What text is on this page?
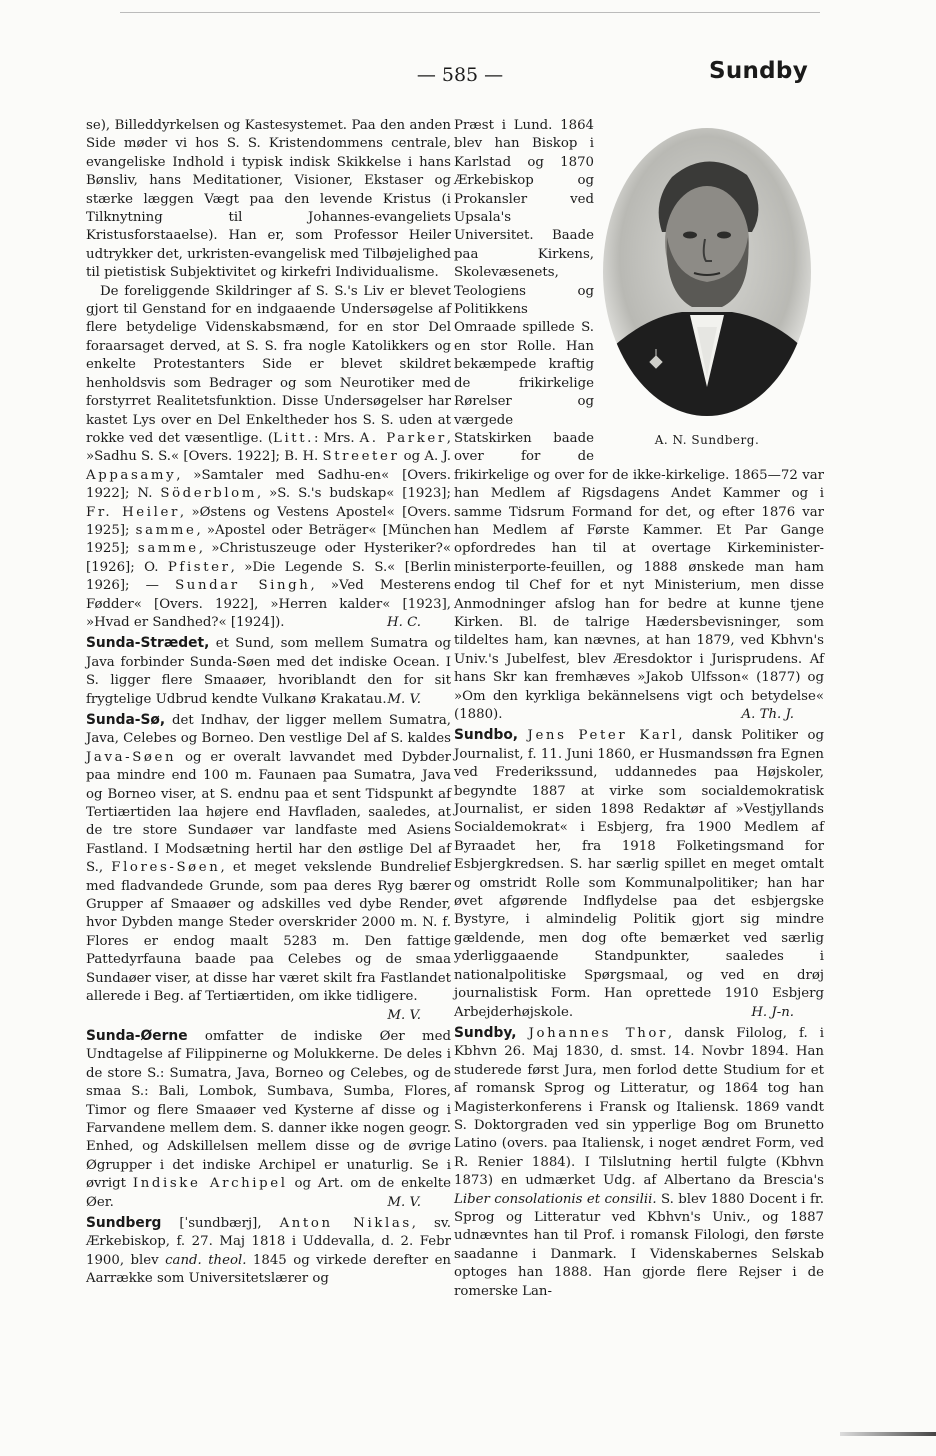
— 585 —	Sundby

se), Billeddyrkelsen og Kastesystemet. Paa den anden Side møder vi hos S. S. Kristendommens centrale, evangeliske Indhold i typisk indisk Skikkelse i hans Bønsliv, hans Meditationer, Visioner, Ekstaser og stærke læggen Vægt paa den levende Kristus (i Tilknytning til Johannes-evangeliets Kristusforstaaelse). Han er, som Professor Heiler udtrykker det, urkristen-evangelisk med Tilbøjelighed til pietistisk Subjektivitet og kirkefri Individualisme.

De foreliggende Skildringer af S. S.'s Liv er blevet gjort til Genstand for en indgaaende Undersøgelse af flere betydelige Videnskabsmænd, for en stor Del foraarsaget derved, at S. S. fra nogle Katolikkers og enkelte Protestanters Side er blevet skildret henholdsvis som Bedrager og som Neurotiker med forstyrret Realitetsfunktion. Disse Undersøgelser har kastet Lys over en Del Enkeltheder hos S. S. uden at rokke ved det væsentlige. (Litt.: Mrs. A. Parker, »Sadhu S. S.« [Overs. 1922]; B. H. Streeter og A. J. Appasamy, »Samtaler med Sadhu-en« [Overs. 1922]; N. Söderblom, »S. S.'s budskap« [1923]; Fr. Heiler, »Østens og Vestens Apostel« [Overs. 1925]; samme, »Apostel oder Beträger« [München 1925]; samme, »Christuszeuge oder Hysteriker?« [1926]; O. Pfister, »Die Legende S. S.« [Berlin 1926]; — Sundar Singh, »Ved Mesterens Fødder« [Overs. 1922], »Herren kalder« [1923], »Hvad er Sandhed?« [1924]).	H. C.

Sunda-Strædet, et Sund, som mellem Sumatra og Java forbinder Sunda-Søen med det indiske Ocean. I S. ligger flere Smaaøer, hvoriblandt den for sit frygtelige Udbrud kendte Vulkanø Krakatau. M. V.

Sunda-Sø, det Indhav, der ligger mellem Sumatra, Java, Celebes og Borneo. Den vestlige Del af S. kaldes Java-Søen og er overalt lavvandet med Dybder paa mindre end 100 m. Faunaen paa Sumatra, Java og Borneo viser, at S. endnu paa et sent Tidspunkt af Tertiærtiden laa højere end Havfladen, saaledes, at de tre store Sundaøer var landfaste med Asiens Fastland. I Modsætning hertil har den østlige Del af S., Flores-Søen, et meget vekslende Bundrelief med fladvandede Grunde, som paa deres Ryg bærer Grupper af Smaaøer og adskilles ved dybe Render, hvor Dybden mange Steder overskrider 2000 m. N. f. Flores er endog maalt 5283 m. Den fattige Pattedyrfauna baade paa Celebes og de smaa Sundaøer viser, at disse har været skilt fra Fastlandet allerede i Beg. af Tertiærtiden, om ikke tidligere.
M. V.

Sunda-Øerne omfatter de indiske Øer med Undtagelse af Filippinerne og Molukkerne. De deles i de store S.: Sumatra, Java, Borneo og Celebes, og de smaa S.: Bali, Lombok, Sumbava, Sumba, Flores, Timor og flere Smaaøer ved Kysterne af disse og i Farvandene mellem dem. S. danner ikke nogen geogr. Enhed, og Adskillelsen mellem disse og de øvrige Øgrupper i det indiske Archipel er unaturlig. Se i øvrigt Indiske Archipel og Art. om de enkelte Øer.	M. V.

Sundberg [ˈsundbærj], Anton Niklas, sv. Ærkebiskop, f. 27. Maj 1818 i Uddevalla, d. 2. Febr 1900, blev cand. theol. 1845 og virkede derefter en Aarrække som Universitetslærer og

A. N. Sundberg.
Præst i Lund. 1864 blev han Biskop i Karlstad og 1870 Ærkebiskop og Prokansler ved Upsala's Universitet. Baade paa Kirkens, Skolevæsenets, Teologiens og Politikkens Omraade spillede S. en stor Rolle. Han bekæmpede kraftig de frikirkelige Rørelser og værgede Statskirken baade over for de frikirkelige og over for de ikke-kirkelige. 1865—72 var han Medlem af Rigsdagens Andet Kammer og i samme Tidsrum Formand for det, og efter 1876 var han Medlem af Første Kammer. Et Par Gange opfordredes han til at overtage Kirkeminister-ministerporte-feuillen, og 1888 ønskede man ham endog til Chef for et nyt Ministerium, men disse Anmodninger afslog han for bedre at kunne tjene Kirken. Bl. de talrige Hædersbevisninger, som tildeltes ham, kan nævnes, at han 1879, ved Kbhvn's Univ.'s Jubelfest, blev Æresdoktor i Jurisprudens. Af hans Skr kan fremhæves »Jakob Ulfsson« (1877) og »Om den kyrkliga bekännelsens vigt och betydelse« (1880).	A. Th. J.

Sundbo, Jens Peter Karl, dansk Politiker og Journalist, f. 11. Juni 1860, er Husmandssøn fra Egnen ved Frederikssund, uddannedes paa Højskoler, begyndte 1887 at virke som socialdemokratisk Journalist, er siden 1898 Redaktør af »Vestjyllands Socialdemokrat« i Esbjerg, fra 1900 Medlem af Byraadet her, fra 1918 Folketingsmand for Esbjergkredsen. S. har særlig spillet en meget omtalt og omstridt Rolle som Kommunalpolitiker; han har øvet afgørende Indflydelse paa det esbjergske Bystyre, i almindelig Politik gjort sig mindre gældende, men dog ofte bemærket ved særlig yderliggaaende Standpunkter, saaledes i nationalpolitiske Spørgsmaal, og ved en drøj journalistisk Form. Han oprettede 1910 Esbjerg Arbejderhøjskole.	H. J-n.

Sundby, Johannes Thor, dansk Filolog, f. i Kbhvn 26. Maj 1830, d. smst. 14. Novbr 1894. Han studerede først Jura, men forlod dette Studium for et af romansk Sprog og Litteratur, og 1864 tog han Magisterkonferens i Fransk og Italiensk. 1869 vandt S. Doktorgraden ved sin ypperlige Bog om Brunetto Latino (overs. paa Italiensk, i noget ændret Form, ved R. Renier 1884). I Tilslutning hertil fulgte (Kbhvn 1873) en udmærket Udg. af Albertano da Brescia's Liber consolationis et consilii. S. blev 1880 Docent i fr. Sprog og Litteratur ved Kbhvn's Univ., og 1887 udnævntes han til Prof. i romansk Filologi, den første saadanne i Danmark. I Videnskabernes Selskab optoges han 1888. Han gjorde flere Rejser i de romerske Lan-
